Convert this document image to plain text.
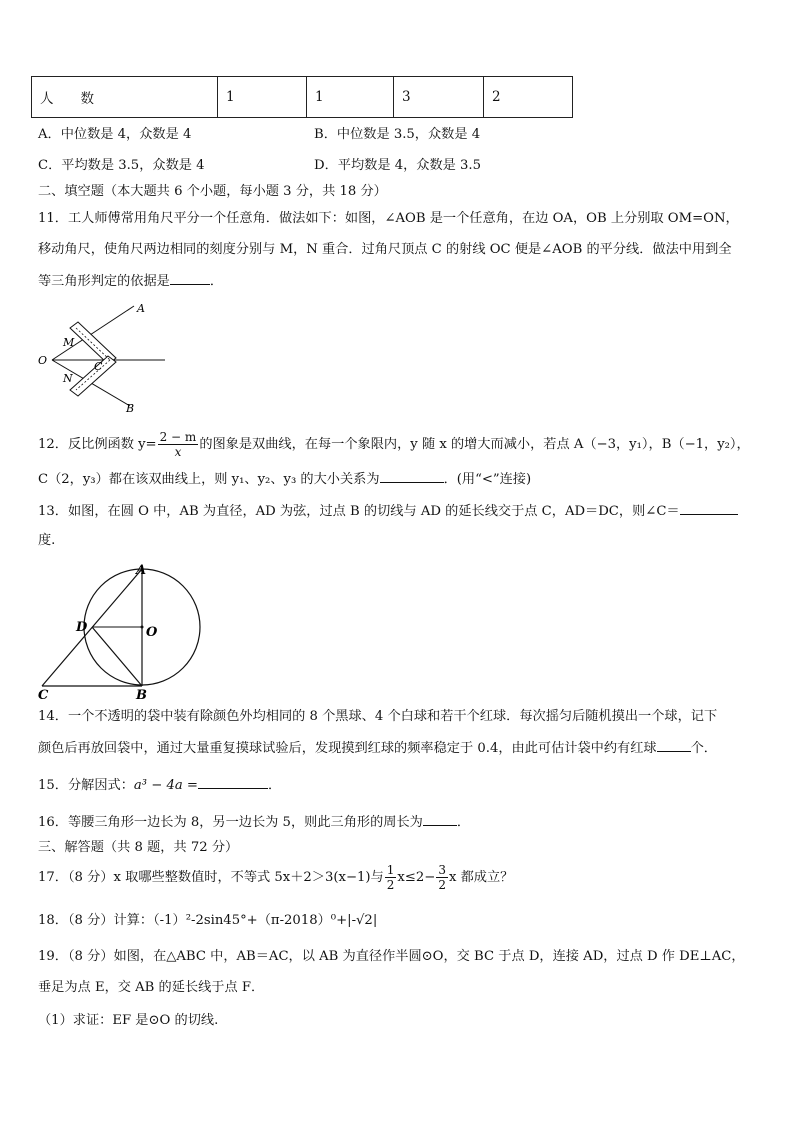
人　　数	1	1	3	2
A．中位数是 4，众数是 4	B．中位数是 3.5，众数是 4
C．平均数是 3.5，众数是 4	D．平均数是 4，众数是 3.5
二、填空题（本大题共 6 个小题，每小题 3 分，共 18 分）
11．工人师傅常用角尺平分一个任意角．做法如下：如图，∠AOB 是一个任意角，在边 OA，OB 上分别取 OM=ON，
移动角尺，使角尺两边相同的刻度分别与 M，N 重合．过角尺顶点 C 的射线 OC 便是∠AOB 的平分线．做法中用到全
等三角形判定的依据是	．
A
B
O
M
N
C
12．反比例函数 $y= \frac{2 - m}{x}$ 的图象是双曲线，在每一个象限内，y 随 x 的增大而减小，若点 A（−3，y₁），B（−1，y₂），
C（2，y₃）都在该双曲线上，则 y₁、y₂、y₃ 的大小关系为	．(用“<”连接)
13．如图，在圆 O 中，AB 为直径，AD 为弦，过点 B 的切线与 AD 的延长线交于点 C，AD＝DC，则∠C＝
度.
A
B
C
D	O
14．一个不透明的袋中装有除颜色外均相同的 8 个黑球、4 个白球和若干个红球．每次摇匀后随机摸出一个球，记下
颜色后再放回袋中，通过大量重复摸球试验后，发现摸到红球的频率稳定于 0.4，由此可估计袋中约有红球	个．
15．分解因式：a³ − 4a =	．
16．等腰三角形一边长为 8，另一边长为 5，则此三角形的周长为	．
三、解答题（共 8 题，共 72 分）
17．（8 分）x 取哪些整数值时，不等式 5x＋2＞3(x−1)与 $\frac{1}{2} x\le 2- \frac{3}{2}$ x 都成立？
18．（8 分）计算：（-1）²-2sin45°+（π-2018）⁰+|-√2|
19．（8 分）如图，在△ABC 中，AB＝AC，以 AB 为直径作半圆⊙O，交 BC 于点 D，连接 AD，过点 D 作 DE⊥AC，
垂足为点 E，交 AB 的延长线于点 F．
（1）求证：EF 是⊙O 的切线.
